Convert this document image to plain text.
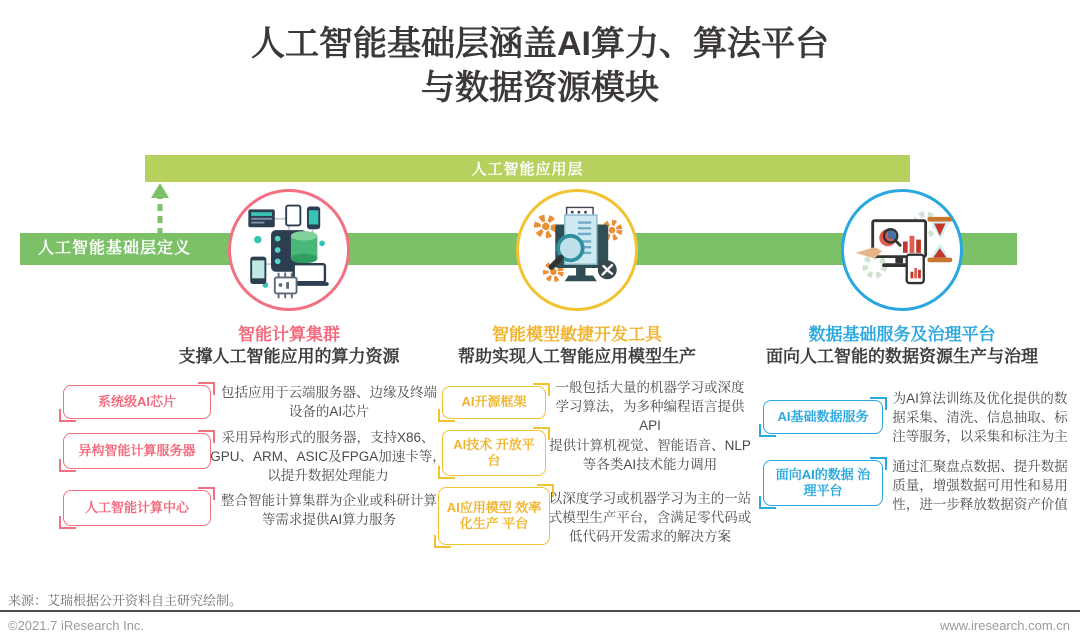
人工智能基础层涵盖AI算力、算法平台
与数据资源模块
人工智能应用层
人工智能基础层定义
智能计算集群	智能模型敏捷开发工具	数据基础服务及治理平台
支撑人工智能应用的算力资源	帮助实现人工智能应用模型生产	面向人工智能的数据资源生产与治理
系统级AI芯片
包括应用于云端服务器、边缘及终端设备的AI芯片
异构智能计算服务器
采用异构形式的服务器，支持X86、GPU、ARM、ASIC及FPGA加速卡等，以提升数据处理能力
人工智能计算中心	整合智能计算集群为企业或科研计算等需求提供AI算力服务
AI开源框架
一般包括大量的机器学习或深度学习算法，为多种编程语言提供API
AI技术 开放平台
提供计算机视觉、智能语音、NLP等各类AI技术能力调用
AI应用模型 效率化生产 平台
以深度学习或机器学习为主的一站式模型生产平台，含满足零代码或低代码开发需求的解决方案
AI基础数据服务
为AI算法训练及优化提供的数据采集、清洗、信息抽取、标注等服务，以采集和标注为主
面向AI的数据 治理平台
通过汇聚盘点数据、提升数据质量，增强数据可用性和易用性，进一步释放数据资产价值
来源：艾瑞根据公开资料自主研究绘制。
©2021.7 iResearch Inc.	www.iresearch.com.cn
